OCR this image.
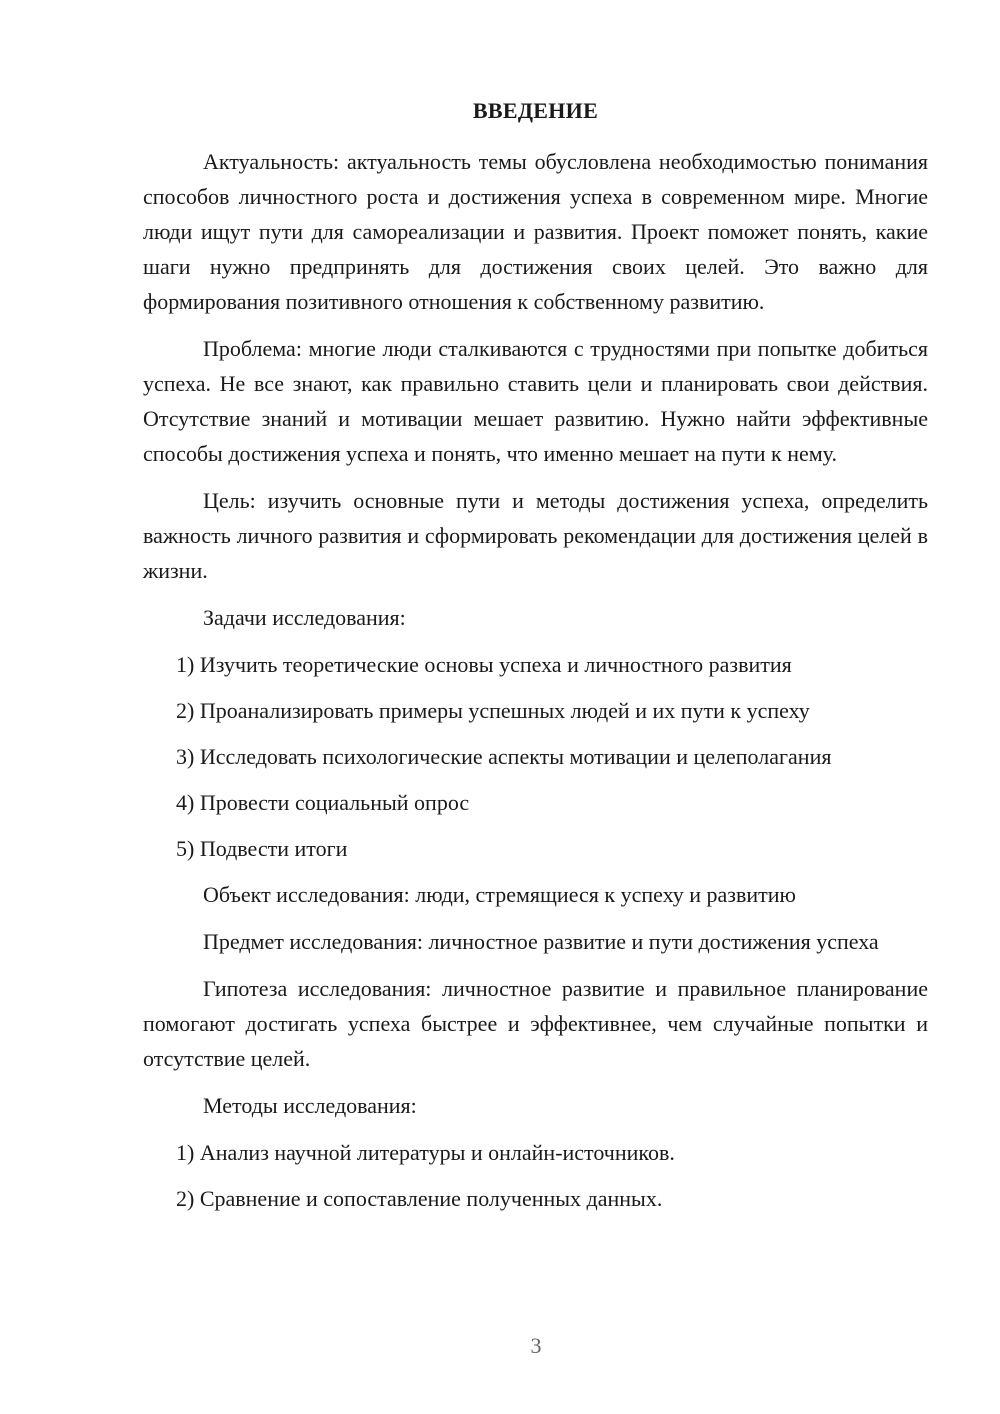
ВВЕДЕНИЕ

Актуальность: актуальность темы обусловлена необходимостью понимания способов личностного роста и достижения успеха в современном мире. Многие люди ищут пути для самореализации и развития. Проект поможет понять, какие шаги нужно предпринять для достижения своих целей. Это важно для формирования позитивного отношения к собственному развитию.

Проблема: многие люди сталкиваются с трудностями при попытке добиться успеха. Не все знают, как правильно ставить цели и планировать свои действия. Отсутствие знаний и мотивации мешает развитию. Нужно найти эффективные способы достижения успеха и понять, что именно мешает на пути к нему.

Цель: изучить основные пути и методы достижения успеха, определить важность личного развития и сформировать рекомендации для достижения целей в жизни.

Задачи исследования:

1) Изучить теоретические основы успеха и личностного развития
2) Проанализировать примеры успешных людей и их пути к успеху
3) Исследовать психологические аспекты мотивации и целеполагания
4) Провести социальный опрос
5) Подвести итоги

Объект исследования: люди, стремящиеся к успеху и развитию

Предмет исследования: личностное развитие и пути достижения успеха

Гипотеза исследования: личностное развитие и правильное планирование помогают достигать успеха быстрее и эффективнее, чем случайные попытки и отсутствие целей.

Методы исследования:

1) Анализ научной литературы и онлайн-источников.
2) Сравнение и сопоставление полученных данных.
3
